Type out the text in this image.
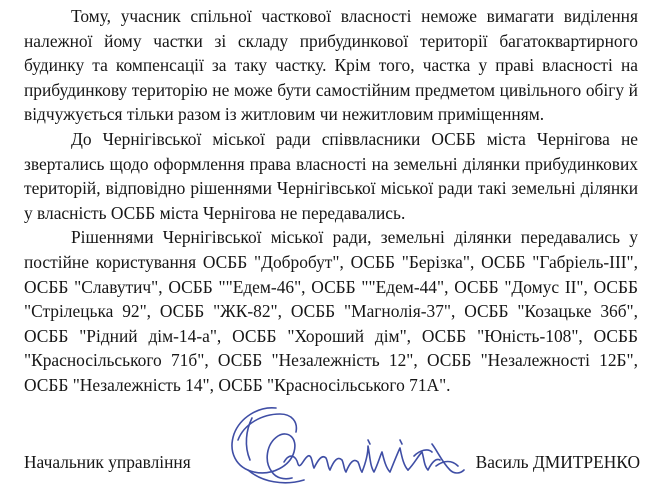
Тому, учасник спільної часткової власності неможе вимагати виділення належної йому частки зі складу прибудинкової території багатоквартирного будинку та компенсації за таку частку. Крім того, частка у праві власності на прибудинкову територію не може бути самостійним предметом цивільного обігу й відчужується тільки разом із житловим чи нежитловим приміщенням.

До Чернігівської міської ради співвласники ОСББ міста Чернігова не звертались щодо оформлення права власності на земельні ділянки прибудинкових територій, відповідно рішеннями Чернігівської міської ради такі земельні ділянки у власність ОСББ міста Чернігова не передавались.

Рішеннями Чернігівської міської ради, земельні ділянки передавались у постійне користування ОСББ "Добробут", ОСББ "Берізка", ОСББ "Габріель-ІІІ", ОСББ "Славутич", ОСББ ""Едем-46", ОСББ ""Едем-44", ОСББ "Домус ІІ", ОСББ "Стрілецька 92", ОСББ "ЖК-82", ОСББ "Магнолія-37", ОСББ "Козацьке 36б", ОСББ "Рідний дім-14-а", ОСББ "Хороший дім", ОСББ "Юність-108", ОСББ "Красносільського 71б", ОСББ "Незалежність 12", ОСББ "Незалежності 12Б", ОСББ "Незалежність 14", ОСББ "Красносільського 71А".

Начальник управління	Василь ДМИТРЕНКО
